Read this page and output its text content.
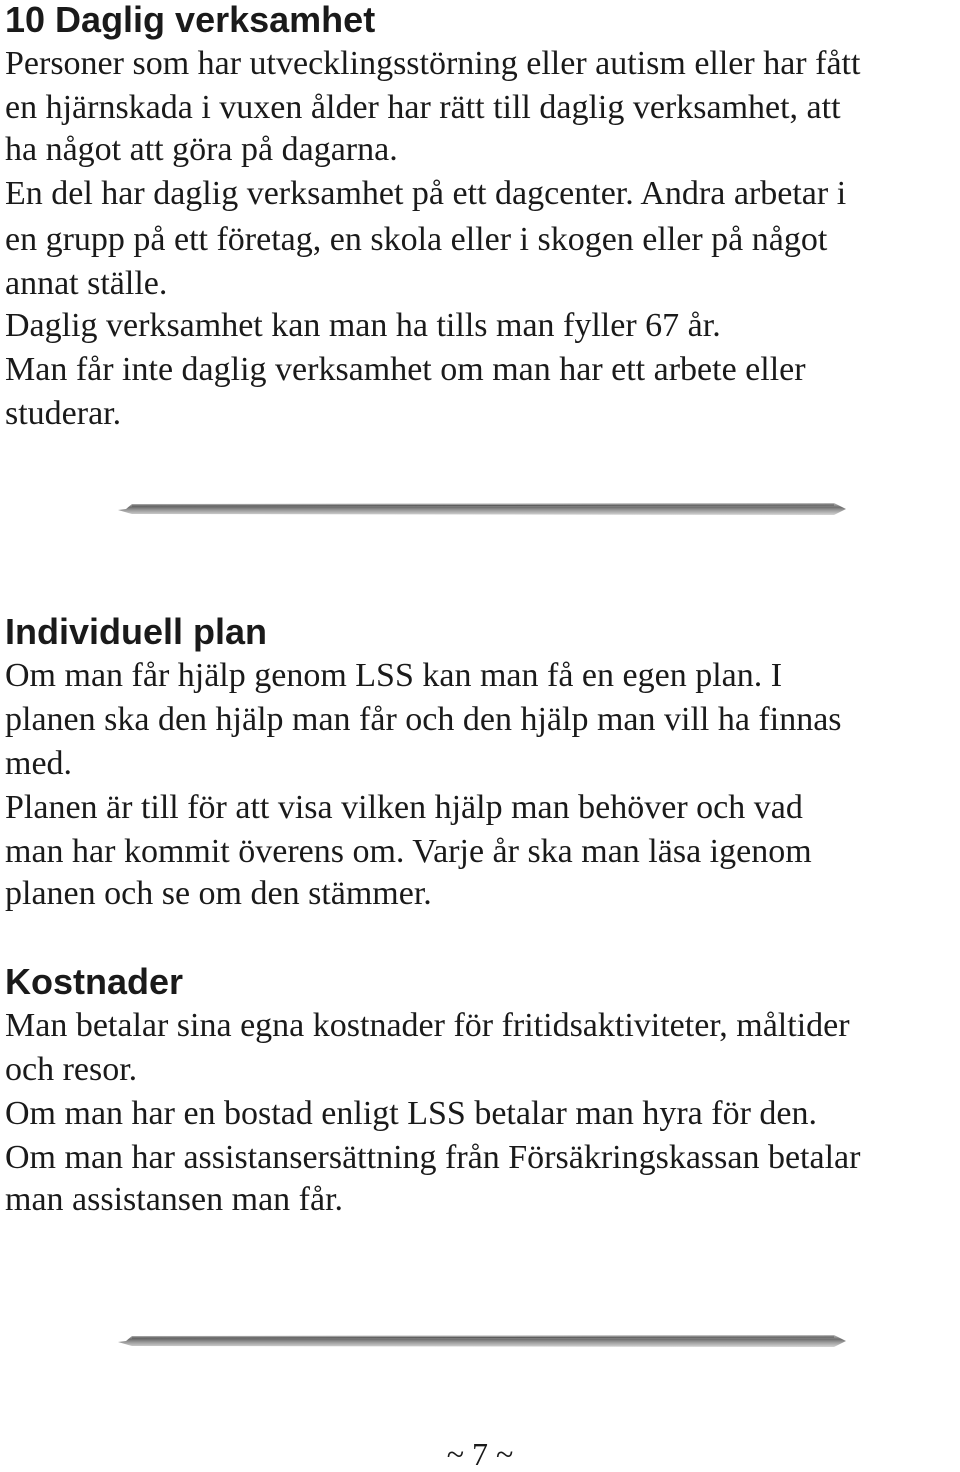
10 Daglig verksamhet

Personer som har utvecklingsstörning eller autism eller har fått

en hjärnskada i vuxen ålder har rätt till daglig verksamhet, att

ha något att göra på dagarna.

En del har daglig verksamhet på ett dagcenter. Andra arbetar i

en grupp på ett företag, en skola eller i skogen eller på något

annat ställe.

Daglig verksamhet kan man ha tills man fyller 67 år.

Man får inte daglig verksamhet om man har ett arbete eller

studerar.

Individuell plan

Om man får hjälp genom LSS kan man få en egen plan. I

planen ska den hjälp man får och den hjälp man vill ha finnas

med.

Planen är till för att visa vilken hjälp man behöver och vad

man har kommit överens om. Varje år ska man läsa igenom

planen och se om den stämmer.

Kostnader

Man betalar sina egna kostnader för fritidsaktiviteter, måltider

och resor.

Om man har en bostad enligt LSS betalar man hyra för den.

Om man har assistansersättning från Försäkringskassan betalar

man assistansen man får.

~ 7 ~
